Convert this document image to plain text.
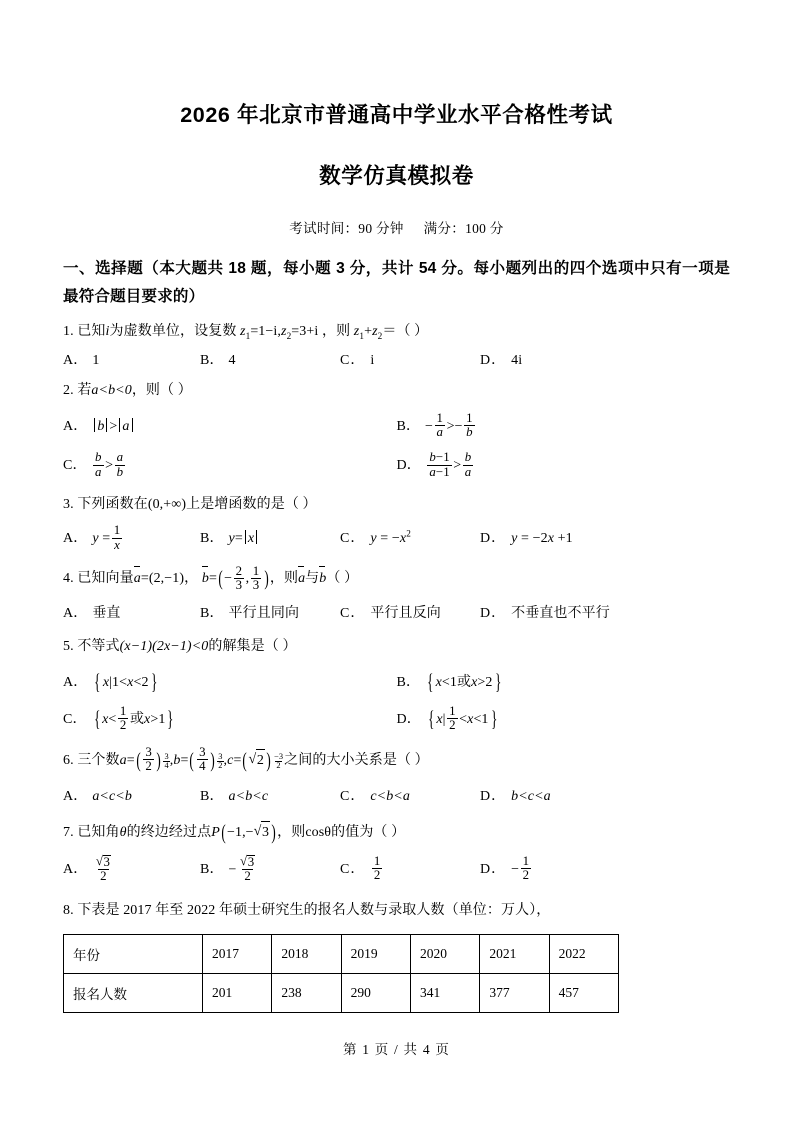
2026 年北京市普通高中学业水平合格性考试
数学仿真模拟卷

考试时间：90 分钟 满分：100 分

一、选择题（本大题共 18 题，每小题 3 分，共计 54 分。每小题列出的四个选项中只有一项是最符合题目要求的）

1. 已知i为虚数单位，设复数 $z_1=1-i,z_2=3+i$ ，则 $z_1+z_2=$（ ）
A． 1	B． 4	C． i	D． 4i
2. 若a<b<0，则（ ）
A． b > a	B． − $\frac{1}{a} >- \frac{1}{b}$
C． $\frac{b}{a} > \frac{a}{b}$	D． $\frac{b-1}{a-1} > \frac{b}{a}$
3. 下列函数在(0,+∞)上是增函数的是（ ）
A． $y = \frac{1}{x}$	B． y= x	C． $y = -x^2$	D． y = −2x +1
4. 已知向量a=(2,−1)， $b=(- \frac{2}{3}$ , $\frac{1}{3}$ )，则a与b（ ）
A． 垂直	B． 平行且同向	C． 平行且反向	D． 不垂直也不平行
5. 不等式(x−1)(2x−1)<0的解集是（ ）
A． { x|1<x<2}	B． { x<1或x>2}
C． { $x< \frac{1}{2}$ 或x>1}	D． { $x| \frac{1}{2} <x<1$}
6. 三个数$a=( \frac{3}{2}$ ) $\frac{3}{4} ,b=( \frac{3}{4}$ ) $\frac{3}{2} ,c=$( √ 2 ) $\frac{-3}{2}$ 之间的大小关系是（ ）
A． a<c<b	B． a<b<c	C． c<b<a	D． b<c<a
7. 已知角θ的终边经过点P(−1,− √ 3 )，则cosθ的值为（ ）
A． √ $\frac{3}{2}$	B． − √ $\frac{3}{2}$	C． $\frac{1}{2}$	D． − $\frac{1}{2}$
8. 下表是 2017 年至 2022 年硕士研究生的报名人数与录取人数（单位：万人），
年份	2017	2018	2019	2020	2021	2022
报名人数	201	238	290	341	377	457
第 1 页 / 共 4 页
